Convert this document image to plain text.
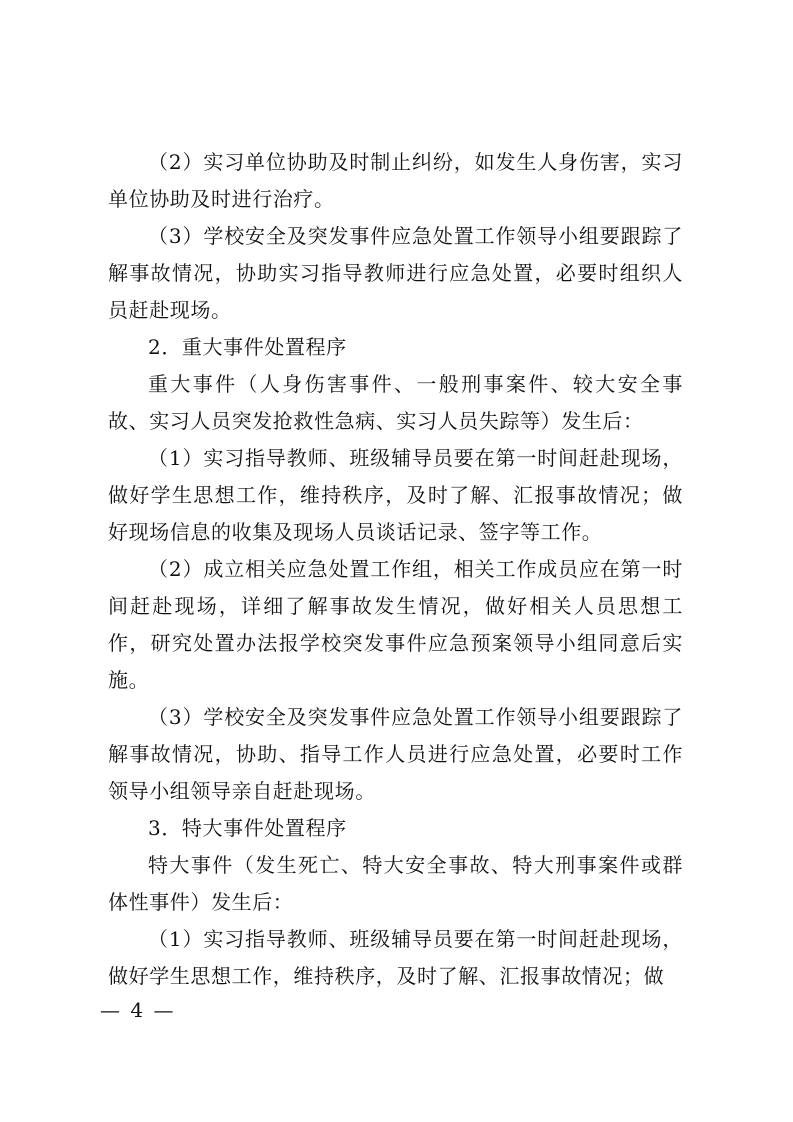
（2）实习单位协助及时制止纠纷，如发生人身伤害，实习单位协助及时进行治疗。

（3）学校安全及突发事件应急处置工作领导小组要跟踪了解事故情况，协助实习指导教师进行应急处置，必要时组织人员赶赴现场。

2．重大事件处置程序

重大事件（人身伤害事件、一般刑事案件、较大安全事故、实习人员突发抢救性急病、实习人员失踪等）发生后：

（1）实习指导教师、班级辅导员要在第一时间赶赴现场，做好学生思想工作，维持秩序，及时了解、汇报事故情况；做好现场信息的收集及现场人员谈话记录、签字等工作。

（2）成立相关应急处置工作组，相关工作成员应在第一时间赶赴现场，详细了解事故发生情况，做好相关人员思想工作，研究处置办法报学校突发事件应急预案领导小组同意后实施。

（3）学校安全及突发事件应急处置工作领导小组要跟踪了解事故情况，协助、指导工作人员进行应急处置，必要时工作领导小组领导亲自赶赴现场。

3．特大事件处置程序

特大事件（发生死亡、特大安全事故、特大刑事案件或群体性事件）发生后：

（1）实习指导教师、班级辅导员要在第一时间赶赴现场，做好学生思想工作，维持秩序，及时了解、汇报事故情况；做

— 4 —
